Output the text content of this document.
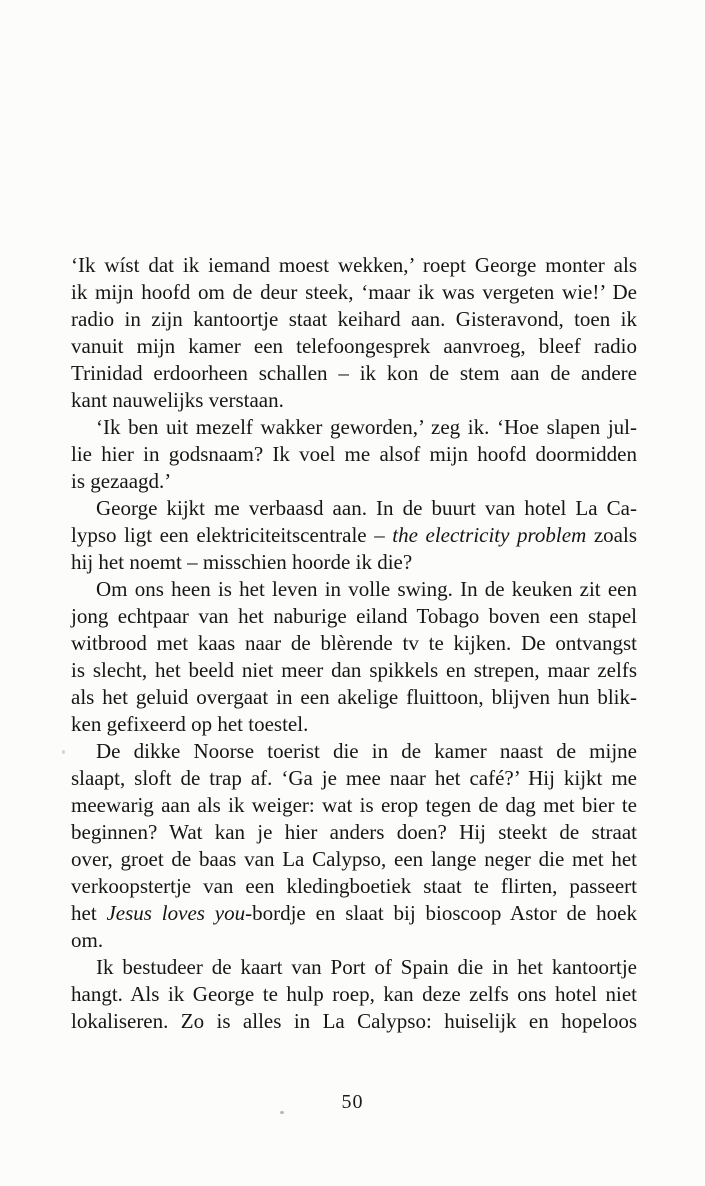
‘Ik wíst dat ik iemand moest wekken,’ roept George monter als
ik mijn hoofd om de deur steek, ‘maar ik was vergeten wie!’ De
radio in zijn kantoortje staat keihard aan. Gisteravond, toen ik
vanuit mijn kamer een telefoongesprek aanvroeg, bleef radio
Trinidad erdoorheen schallen – ik kon de stem aan de andere
kant nauwelijks verstaan.
‘Ik ben uit mezelf wakker geworden,’ zeg ik. ‘Hoe slapen jul-
lie hier in godsnaam? Ik voel me alsof mijn hoofd doormidden
is gezaagd.’
George kijkt me verbaasd aan. In de buurt van hotel La Ca-
lypso ligt een elektriciteitscentrale – the electricity problem zoals
hij het noemt – misschien hoorde ik die?
Om ons heen is het leven in volle swing. In de keuken zit een
jong echtpaar van het naburige eiland Tobago boven een stapel
witbrood met kaas naar de blèrende tv te kijken. De ontvangst
is slecht, het beeld niet meer dan spikkels en strepen, maar zelfs
als het geluid overgaat in een akelige fluittoon, blijven hun blik-
ken gefixeerd op het toestel.
De dikke Noorse toerist die in de kamer naast de mijne
slaapt, sloft de trap af. ‘Ga je mee naar het café?’ Hij kijkt me
meewarig aan als ik weiger: wat is erop tegen de dag met bier te
beginnen? Wat kan je hier anders doen? Hij steekt de straat
over, groet de baas van La Calypso, een lange neger die met het
verkoopstertje van een kledingboetiek staat te flirten, passeert
het Jesus loves you-bordje en slaat bij bioscoop Astor de hoek
om.
Ik bestudeer de kaart van Port of Spain die in het kantoortje
hangt. Als ik George te hulp roep, kan deze zelfs ons hotel niet
lokaliseren. Zo is alles in La Calypso: huiselijk en hopeloos
50
